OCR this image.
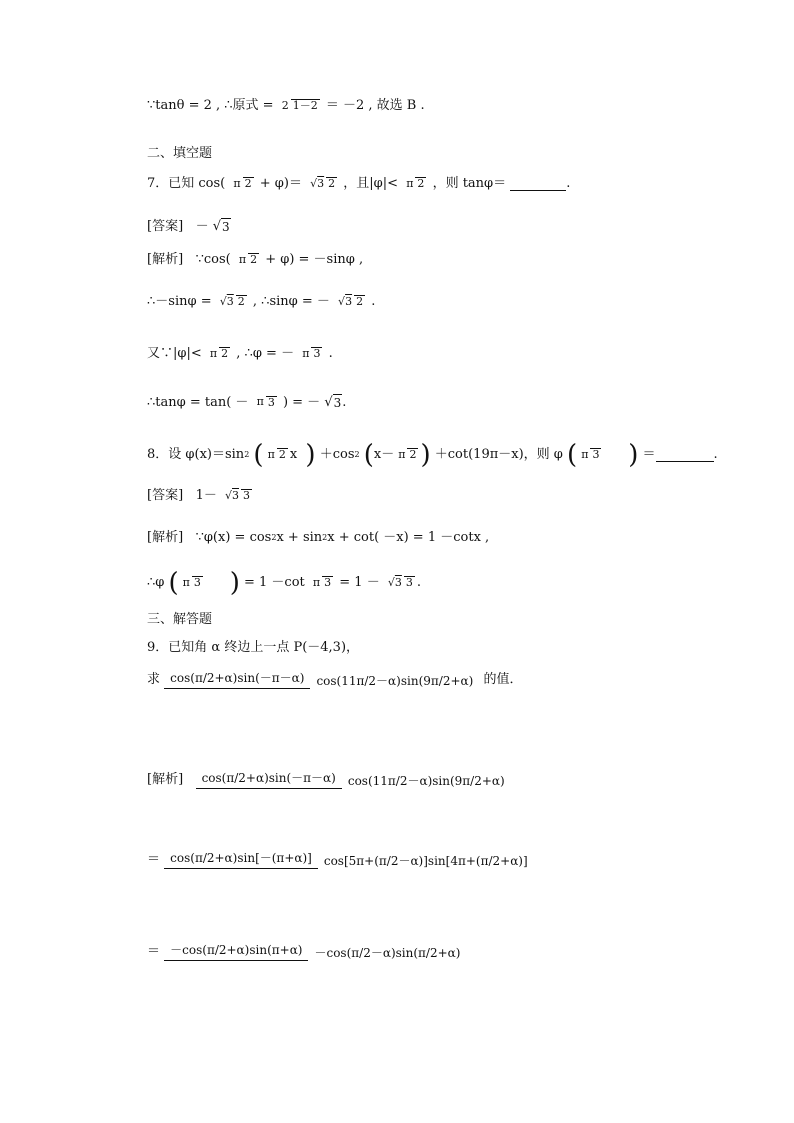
∵tanθ = 2 , ∴原式 = 2 1－2 ＝ －2 , 故选 B .
二、填空题
7．已知 cos( π 2 + φ)＝ √3 2 ，且|φ|< π 2 ，则 tanφ＝	.
[答案] － √3
[解析] ∵cos( π 2 + φ) = －sinφ ,
∴－sinφ = √3 2 , ∴sinφ = － √3 2 .
又∵|φ|< π 2 , ∴φ = － π 3 .
∴tanφ = tan( － π 3 ) = － √3.
8．设 φ(x)＝sin2 ( π 2 x ) ＋cos2 (x－ π 2 ) ＋cot(19π－x)，则 φ ( π 3 ) ＝	.
[答案] 1－ √3 3
[解析] ∵φ(x) = cos2x + sin2x + cot( －x) = 1 －cotx ,
∴φ ( π 3 ) = 1 －cot π 3 = 1 － √3 3 .
三、解答题
9．已知角 α 终边上一点 P(－4,3)，
求 cos(π/2+α)sin(－π－α) cos(11π/2－α)sin(9π/2+α) 的值．
[解析] cos(π/2+α)sin(－π－α) cos(11π/2－α)sin(9π/2+α)
＝ cos(π/2+α)sin[－(π+α)] cos[5π+(π/2－α)]sin[4π+(π/2+α)]
＝ －cos(π/2+α)sin(π+α) －cos(π/2－α)sin(π/2+α)
